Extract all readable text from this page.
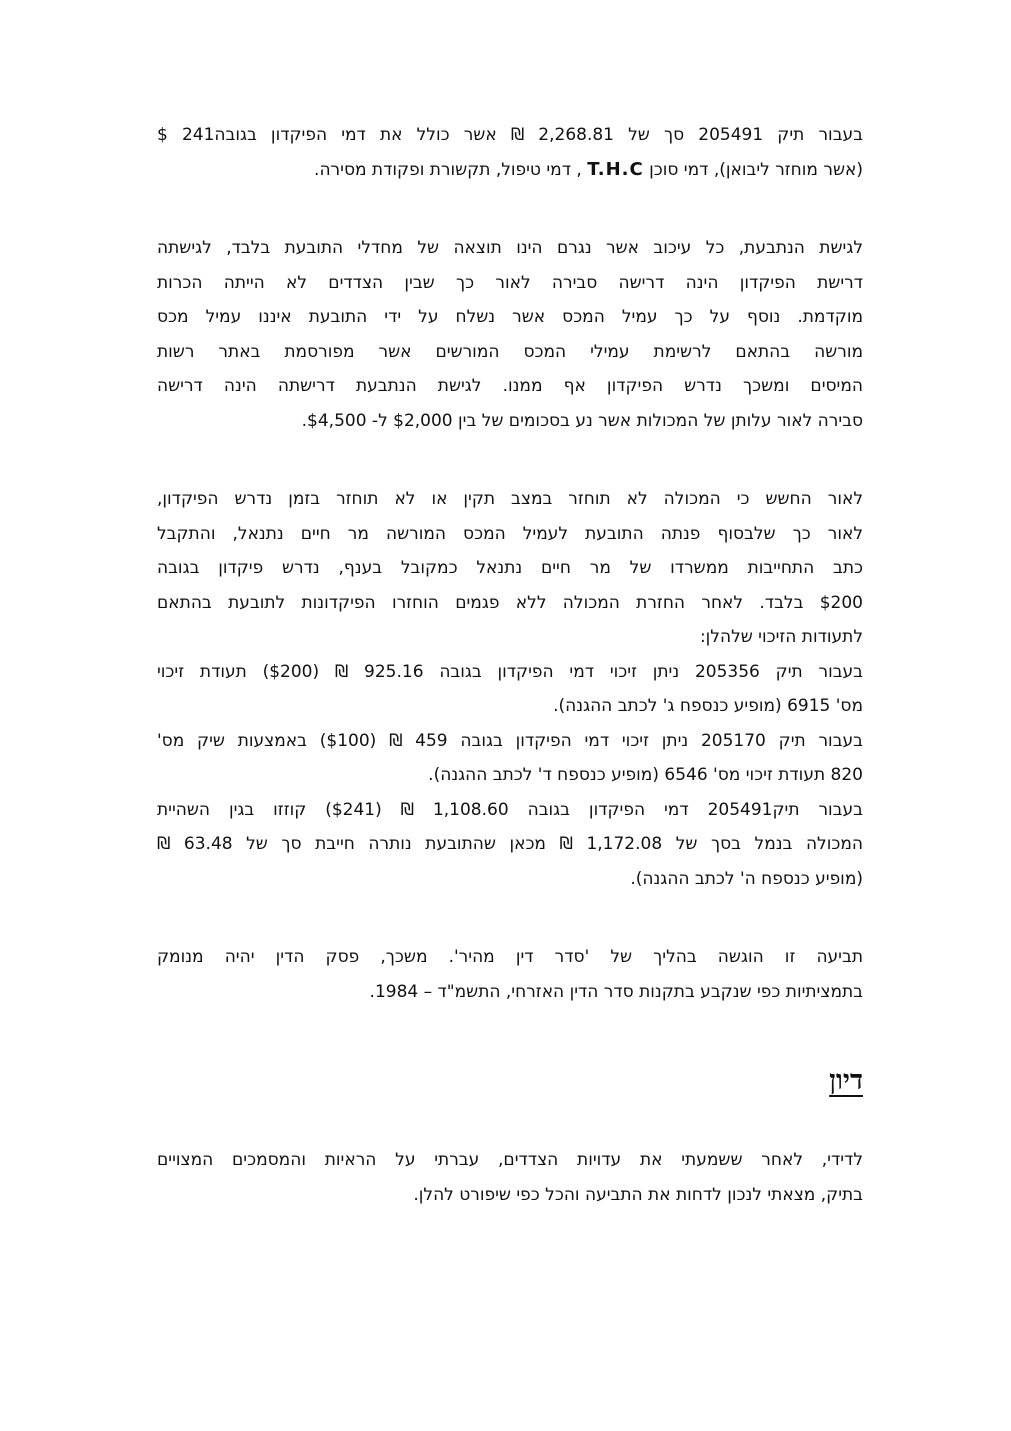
בעבור תיק 205491 סך של 2,268.81 ₪ אשר כולל את דמי הפיקדון בגובה241 $
(אשר מוחזר ליבואן), דמי סוכן T.H.C , דמי טיפול, תקשורת ופקודת מסירה.

לגישת הנתבעת, כל עיכוב אשר נגרם הינו תוצאה של מחדלי התובעת בלבד, לגישתה
דרישת הפיקדון הינה דרישה סבירה לאור כך שבין הצדדים לא הייתה הכרות
מוקדמת. נוסף על כך עמיל המכס אשר נשלח על ידי התובעת איננו עמיל מכס
מורשה בהתאם לרשימת עמילי המכס המורשים אשר מפורסמת באתר רשות
המיסים ומשכך נדרש הפיקדון אף ממנו. לגישת הנתבעת דרישתה הינה דרישה
סבירה לאור עלותן של המכולות אשר נע בסכומים של בין $2,000 ל- $4,500.

לאור החשש כי המכולה לא תוחזר במצב תקין או לא תוחזר בזמן נדרש הפיקדון,
לאור כך שלבסוף פנתה התובעת לעמיל המכס המורשה מר חיים נתנאל, והתקבל
כתב התחייבות ממשרדו של מר חיים נתנאל כמקובל בענף, נדרש פיקדון בגובה
$200 בלבד. לאחר החזרת המכולה ללא פגמים הוחזרו הפיקדונות לתובעת בהתאם
לתעודות הזיכוי שלהלן:
בעבור תיק 205356 ניתן זיכוי דמי הפיקדון בגובה 925.16 ₪ ($200) תעודת זיכוי
מס' 6915 (מופיע כנספח ג' לכתב ההגנה).
בעבור תיק 205170 ניתן זיכוי דמי הפיקדון בגובה 459 ₪ ($100) באמצעות שיק מס'
820 תעודת זיכוי מס' 6546 (מופיע כנספח ד' לכתב ההגנה).
בעבור תיק205491 דמי הפיקדון בגובה 1,108.60 ₪ ($241) קוזזו בגין השהיית
המכולה בנמל בסך של 1,172.08 ₪ מכאן שהתובעת נותרה חייבת סך של 63.48 ₪
(מופיע כנספח ה' לכתב ההגנה).

תביעה זו הוגשה בהליך של 'סדר דין מהיר'. משכך, פסק הדין יהיה מנומק
בתמציתיות כפי שנקבע בתקנות סדר הדין האזרחי, התשמ"ד – 1984.

דיון

לדידי, לאחר ששמעתי את עדויות הצדדים, עברתי על הראיות והמסמכים המצויים
בתיק, מצאתי לנכון לדחות את התביעה והכל כפי שיפורט להלן.
